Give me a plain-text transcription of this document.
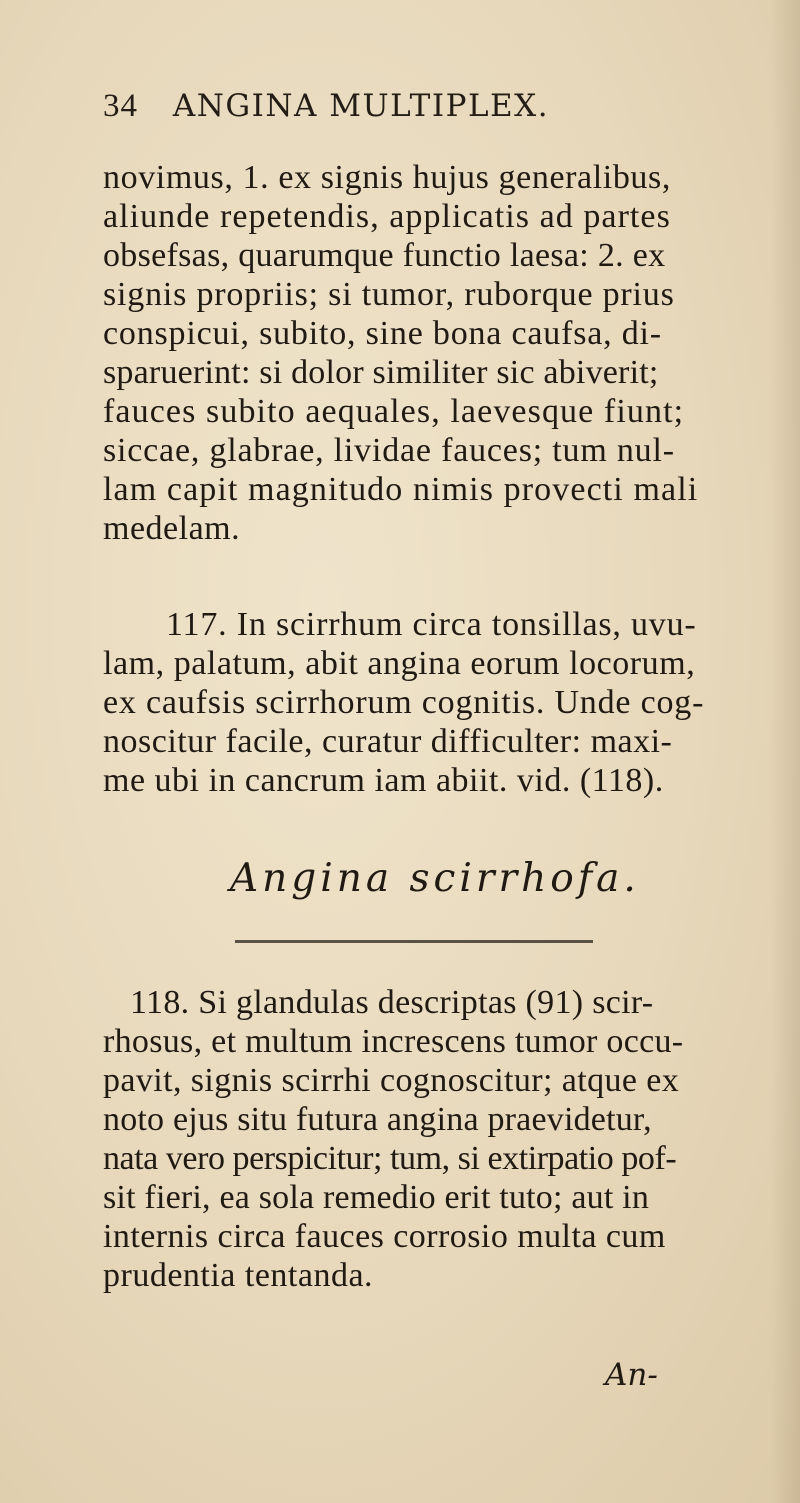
34 ANGINA MULTIPLEX.
novimus, 1. ex signis hujus generalibus,
aliunde repetendis, applicatis ad partes
obsefsas, quarumque functio laesa: 2. ex
signis propriis; si tumor, ruborque prius
conspicui, subito, sine bona caufsa, di-
sparuerint: si dolor similiter sic abiverit;
fauces subito aequales, laevesque fiunt;
siccae, glabrae, lividae fauces; tum nul-
lam capit magnitudo nimis provecti mali
medelam.
117. In scirrhum circa tonsillas, uvu-
lam, palatum, abit angina eorum locorum,
ex caufsis scirrhorum cognitis. Unde cog-
noscitur facile, curatur difficulter: maxi-
me ubi in cancrum iam abiit. vid. (118).
Angina scirrhofa.
118. Si glandulas descriptas (91) scir-
rhosus, et multum increscens tumor occu-
pavit, signis scirrhi cognoscitur; atque ex
noto ejus situ futura angina praevidetur,
nata vero perspicitur; tum, si extirpatio pof-
sit fieri, ea sola remedio erit tuto; aut in
internis circa fauces corrosio multa cum
prudentia tentanda.
An-
